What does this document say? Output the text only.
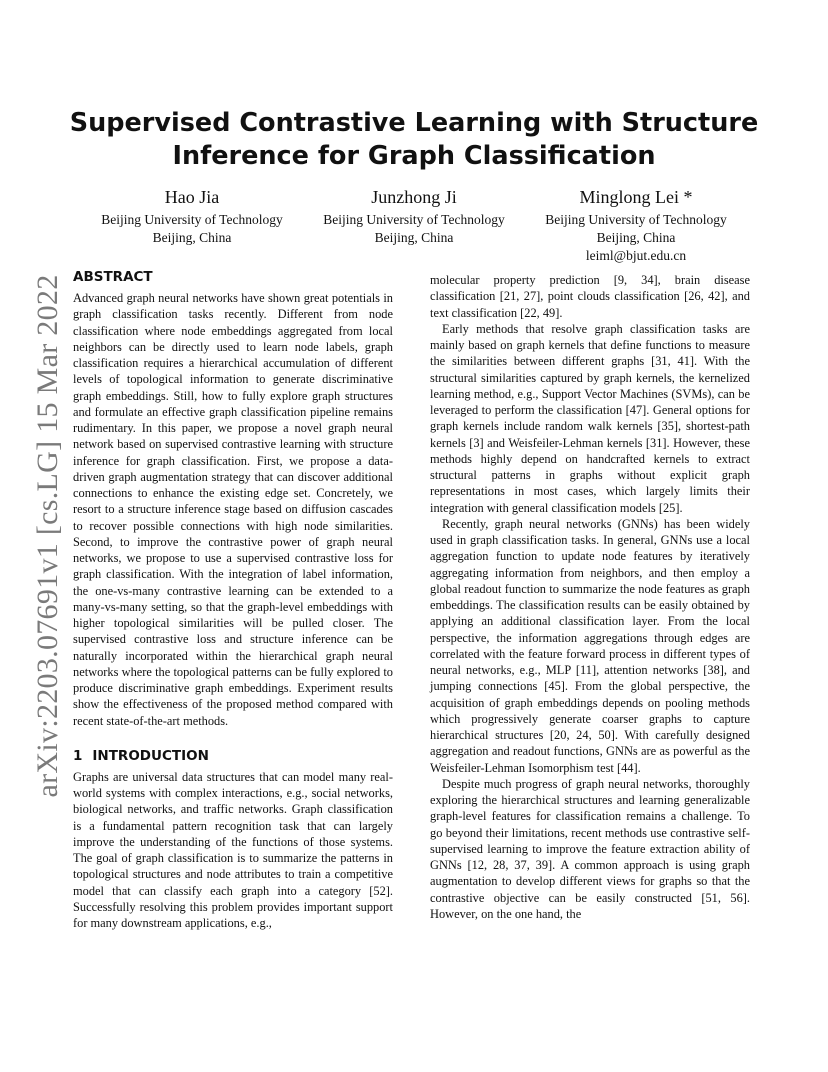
arXiv:2203.07691v1 [cs.LG] 15 Mar 2022
Supervised Contrastive Learning with Structure
Inference for Graph Classification
Hao Jia
Beijing University of Technology
Beijing, China
Junzhong Ji
Beijing University of Technology
Beijing, China
Minglong Lei *
Beijing University of Technology
Beijing, China
leiml@bjut.edu.cn
ABSTRACT

Advanced graph neural networks have shown great potentials in graph classification tasks recently. Different from node classification where node embeddings aggregated from local neighbors can be directly used to learn node labels, graph classification requires a hierarchical accumulation of different levels of topological information to generate discriminative graph embeddings. Still, how to fully explore graph structures and formulate an effective graph classification pipeline remains rudimentary. In this paper, we propose a novel graph neural network based on supervised contrastive learning with structure inference for graph classification. First, we propose a data-driven graph augmentation strategy that can discover additional connections to enhance the existing edge set. Concretely, we resort to a structure inference stage based on diffusion cascades to recover possible connections with high node similarities. Second, to improve the contrastive power of graph neural networks, we propose to use a supervised contrastive loss for graph classification. With the integration of label information, the one-vs-many contrastive learning can be extended to a many-vs-many setting, so that the graph-level embeddings with higher topological similarities will be pulled closer. The supervised contrastive loss and structure inference can be naturally incorporated within the hierarchical graph neural networks where the topological patterns can be fully explored to produce discriminative graph embeddings. Experiment results show the effectiveness of the proposed method compared with recent state-of-the-art methods.

1 INTRODUCTION

Graphs are universal data structures that can model many real-world systems with complex interactions, e.g., social networks, biological networks, and traffic networks. Graph classification is a fundamental pattern recognition task that can largely improve the understanding of the functions of those systems. The goal of graph classification is to summarize the patterns in topological structures and node attributes to train a competitive model that can classify each graph into a category [52]. Successfully resolving this problem provides important support for many downstream applications, e.g.,

molecular property prediction [9, 34], brain disease classification [21, 27], point clouds classification [26, 42], and text classification [22, 49].

Early methods that resolve graph classification tasks are mainly based on graph kernels that define functions to measure the similarities between different graphs [31, 41]. With the structural similarities captured by graph kernels, the kernelized learning method, e.g., Support Vector Machines (SVMs), can be leveraged to perform the classification [47]. General options for graph kernels include random walk kernels [35], shortest-path kernels [3] and Weisfeiler-Lehman kernels [31]. However, these methods highly depend on handcrafted kernels to extract structural patterns in graphs without explicit graph representations in most cases, which largely limits their integration with general classification models [25].

Recently, graph neural networks (GNNs) has been widely used in graph classification tasks. In general, GNNs use a local aggregation function to update node features by iteratively aggregating information from neighbors, and then employ a global readout function to summarize the node features as graph embeddings. The classification results can be easily obtained by applying an additional classification layer. From the local perspective, the information aggregations through edges are correlated with the feature forward process in different types of neural networks, e.g., MLP [11], attention networks [38], and jumping connections [45]. From the global perspective, the acquisition of graph embeddings depends on pooling methods which progressively generate coarser graphs to capture hierarchical structures [20, 24, 50]. With carefully designed aggregation and readout functions, GNNs are as powerful as the Weisfeiler-Lehman Isomorphism test [44].

Despite much progress of graph neural networks, thoroughly exploring the hierarchical structures and learning generalizable graph-level features for classification remains a challenge. To go beyond their limitations, recent methods use contrastive self-supervised learning to improve the feature extraction ability of GNNs [12, 28, 37, 39]. A common approach is using graph augmentation to develop different views for graphs so that the contrastive objective can be easily constructed [51, 56]. However, on the one hand, the
